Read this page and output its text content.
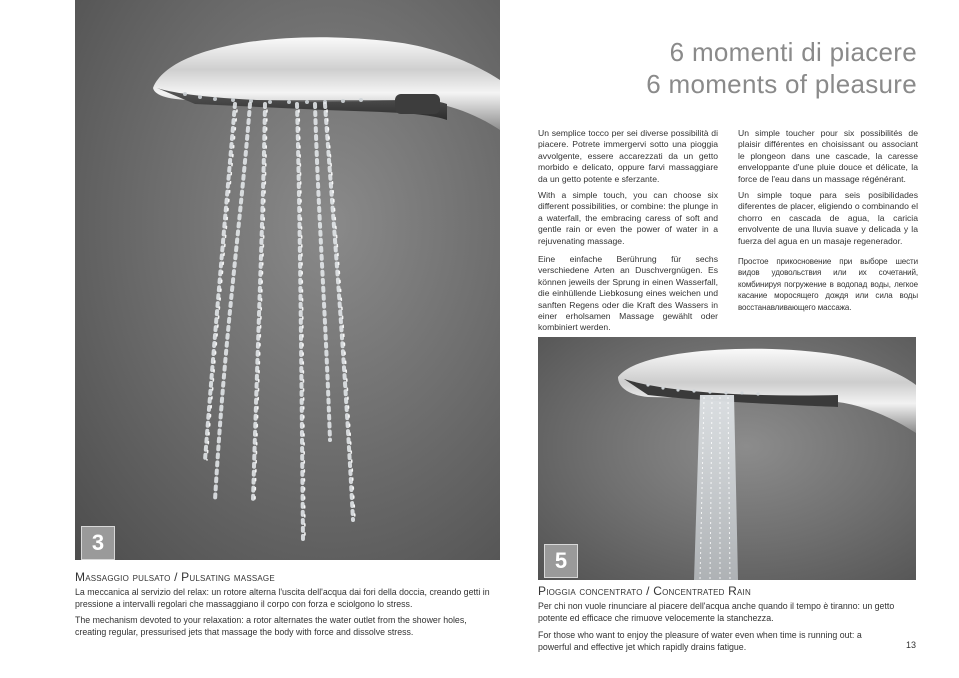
3
6 momenti di piacere
6 moments of pleasure

Un semplice tocco per sei diverse possibilità di piacere. Potrete immergervi sotto una pioggia avvolgente, essere accarezzati da un getto morbido e delicato, oppure farvi massaggiare da un getto potente e sferzante.

With a simple touch, you can choose six different possibilities, or combine: the plunge in a waterfall, the embracing caress of soft and gentle rain or even the power of water in a rejuvenating massage.

Eine einfache Berührung für sechs verschiedene Arten an Duschvergnügen. Es können jeweils der Sprung in einen Wasserfall, die einhüllende Liebkosung eines weichen und sanften Regens oder die Kraft des Wassers in einer erholsamen Massage gewählt oder kombiniert werden.

Un simple toucher pour six possibilités de plaisir différentes en choisissant ou associant le plongeon dans une cascade, la caresse enveloppante d'une pluie douce et délicate, la force de l'eau dans un massage régénérant.

Un simple toque para seis posibilidades diferentes de placer, eligiendo o combinando el chorro en cascada de agua, la caricia envolvente de una lluvia suave y delicada y la fuerza del agua en un masaje regenerador.

Простое прикосновение при выборе шести видов удовольствия или их сочетаний, комбинируя погружение в водопад воды, легкое касание моросящего дождя или сила воды восстанавливающего массажа.

5
Massaggio pulsato / Pulsating massage

La meccanica al servizio del relax: un rotore alterna l'uscita dell'acqua dai fori della doccia, creando getti in pressione a intervalli regolari che massaggiano il corpo con forza e sciolgono lo stress.

The mechanism devoted to your relaxation: a rotor alternates the water outlet from the shower holes, creating regular, pressurised jets that massage the body with force and dissolve stress.

Pioggia concentrato / Concentrated Rain

Per chi non vuole rinunciare al piacere dell'acqua anche quando il tempo è tiranno: un getto potente ed efficace che rimuove velocemente la stanchezza.

For those who want to enjoy the pleasure of water even when time is running out: a powerful and effective jet which rapidly drains fatigue.	13
